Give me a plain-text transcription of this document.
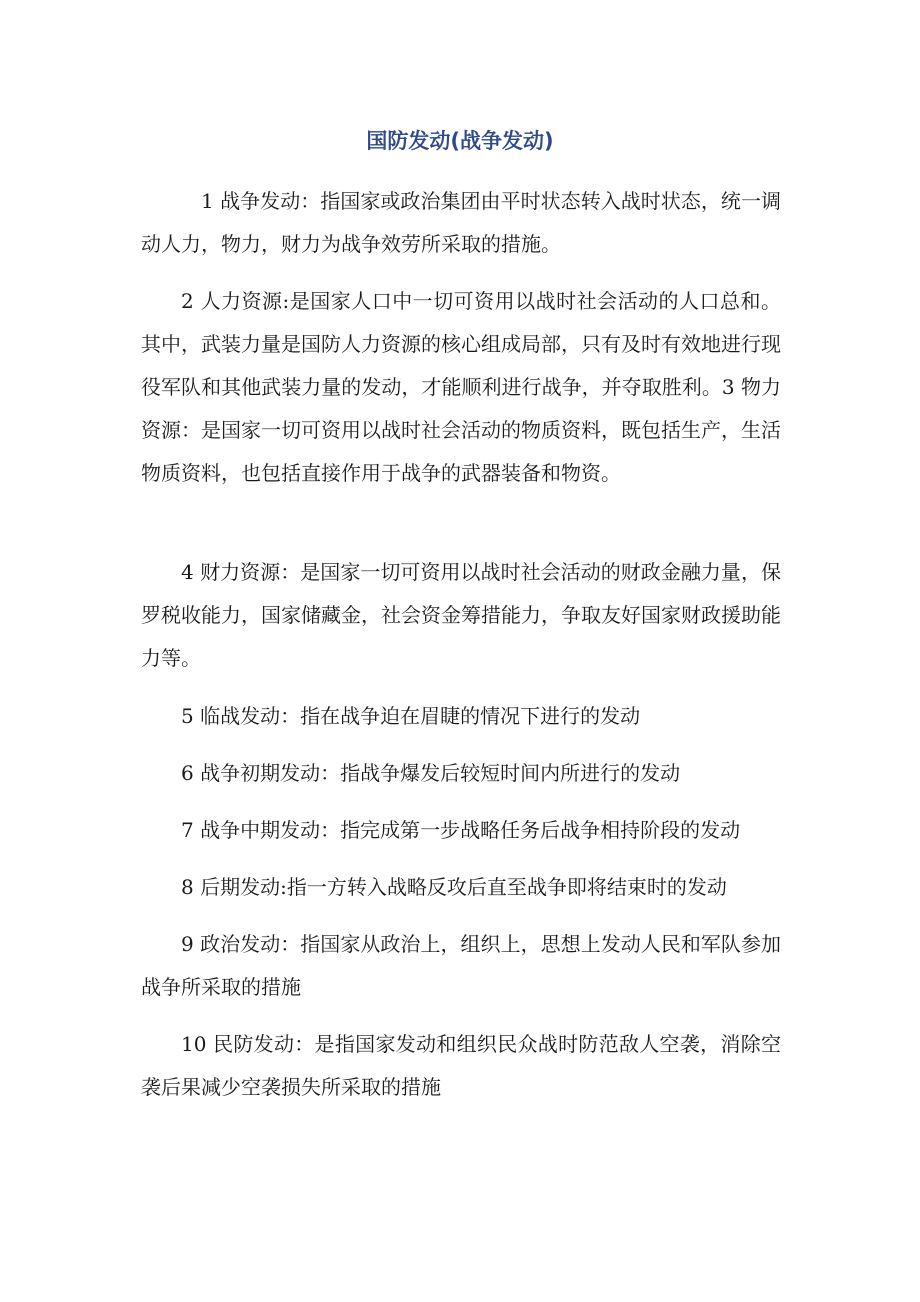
国防发动(战争发动)

1 战争发动：指国家或政治集团由平时状态转入战时状态，统一调动人力，物力，财力为战争效劳所采取的措施。

2 人力资源:是国家人口中一切可资用以战时社会活动的人口总和。其中，武装力量是国防人力资源的核心组成局部，只有及时有效地进行现役军队和其他武装力量的发动，才能顺利进行战争，并夺取胜利。3 物力资源：是国家一切可资用以战时社会活动的物质资料，既包括生产，生活物质资料，也包括直接作用于战争的武器装备和物资。

4 财力资源：是国家一切可资用以战时社会活动的财政金融力量，保罗税收能力，国家储藏金，社会资金筹措能力，争取友好国家财政援助能力等。

5 临战发动：指在战争迫在眉睫的情况下进行的发动

6 战争初期发动：指战争爆发后较短时间内所进行的发动

7 战争中期发动：指完成第一步战略任务后战争相持阶段的发动

8 后期发动:指一方转入战略反攻后直至战争即将结束时的发动

9 政治发动：指国家从政治上，组织上，思想上发动人民和军队参加战争所采取的措施

10 民防发动：是指国家发动和组织民众战时防范敌人空袭，消除空袭后果减少空袭损失所采取的措施
